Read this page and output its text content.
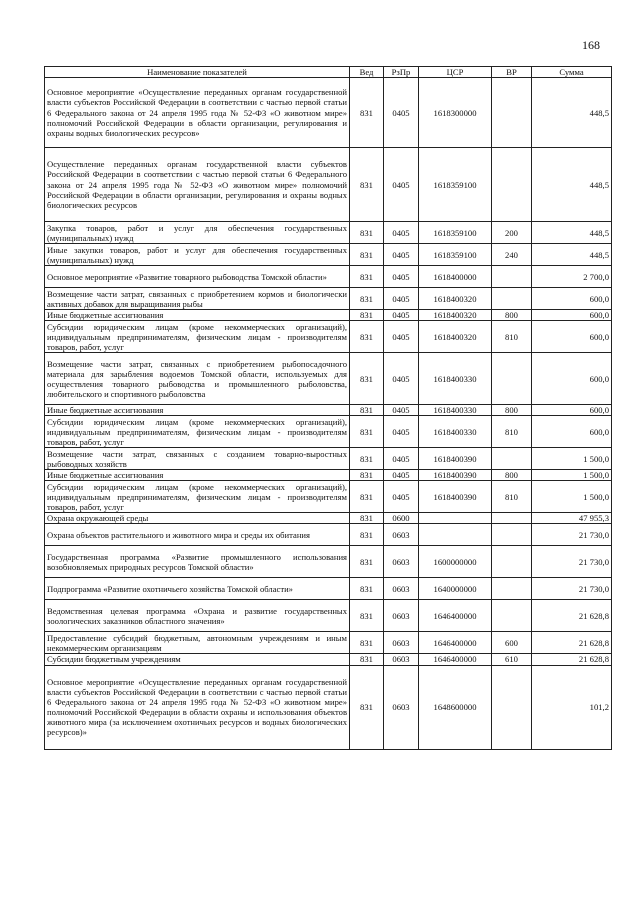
168
Наименование показателей	Вед	РзПр	ЦСР	ВР	Сумма
Основное мероприятие «Осуществление переданных органам государственной власти субъектов Российской Федерации в соответствии с частью первой статьи 6 Федерального закона от 24 апреля 1995 года № 52-ФЗ «О животном мире» полномочий Российской Федерации в области организации, регулирования и охраны водных биологических ресурсов»	831	0405	1618300000		448,5
Осуществление переданных органам государственной власти субъектов Российской Федерации в соответствии с частью первой статьи 6 Федерального закона от 24 апреля 1995 года № 52-ФЗ «О животном мире» полномочий Российской Федерации в области организации, регулирования и охраны водных биологических ресурсов	831	0405	1618359100		448,5
Закупка товаров, работ и услуг для обеспечения государственных (муниципальных) нужд	831	0405	1618359100	200	448,5
Иные закупки товаров, работ и услуг для обеспечения государственных (муниципальных) нужд	831	0405	1618359100	240	448,5
Основное мероприятие «Развитие товарного рыбоводства Томской области»	831	0405	1618400000		2 700,0
Возмещение части затрат, связанных с приобретением кормов и биологически активных добавок для выращивания рыбы	831	0405	1618400320		600,0
Иные бюджетные ассигнования	831	0405	1618400320	800	600,0
Субсидии юридическим лицам (кроме некоммерческих организаций), индивидуальным предпринимателям, физическим лицам - производителям товаров, работ, услуг	831	0405	1618400320	810	600,0
Возмещение части затрат, связанных с приобретением рыбопосадочного материала для зарыбления водоемов Томской области, используемых для осуществления товарного рыбоводства и промышленного рыболовства, любительского и спортивного рыболовства	831	0405	1618400330		600,0
Иные бюджетные ассигнования	831	0405	1618400330	800	600,0
Субсидии юридическим лицам (кроме некоммерческих организаций), индивидуальным предпринимателям, физическим лицам - производителям товаров, работ, услуг	831	0405	1618400330	810	600,0
Возмещение части затрат, связанных с созданием товарно-выростных рыбоводных хозяйств	831	0405	1618400390		1 500,0
Иные бюджетные ассигнования	831	0405	1618400390	800	1 500,0
Субсидии юридическим лицам (кроме некоммерческих организаций), индивидуальным предпринимателям, физическим лицам - производителям товаров, работ, услуг	831	0405	1618400390	810	1 500,0
Охрана окружающей среды	831	0600			47 955,3
Охрана объектов растительного и животного мира и среды их обитания	831	0603			21 730,0
Государственная программа «Развитие промышленного использования возобновляемых природных ресурсов Томской области»	831	0603	1600000000		21 730,0
Подпрограмма «Развитие охотничьего хозяйства Томской области»	831	0603	1640000000		21 730,0
Ведомственная целевая программа «Охрана и развитие государственных зоологических заказников областного значения»	831	0603	1646400000		21 628,8
Предоставление субсидий бюджетным, автономным учреждениям и иным некоммерческим организациям	831	0603	1646400000	600	21 628,8
Субсидии бюджетным учреждениям	831	0603	1646400000	610	21 628,8
Основное мероприятие «Осуществление переданных органам государственной власти субъектов Российской Федерации в соответствии с частью первой статьи 6 Федерального закона от 24 апреля 1995 года № 52-ФЗ «О животном мире» полномочий Российской Федерации в области охраны и использования объектов животного мира (за исключением охотничьих ресурсов и водных биологических ресурсов)»	831	0603	1648600000		101,2
